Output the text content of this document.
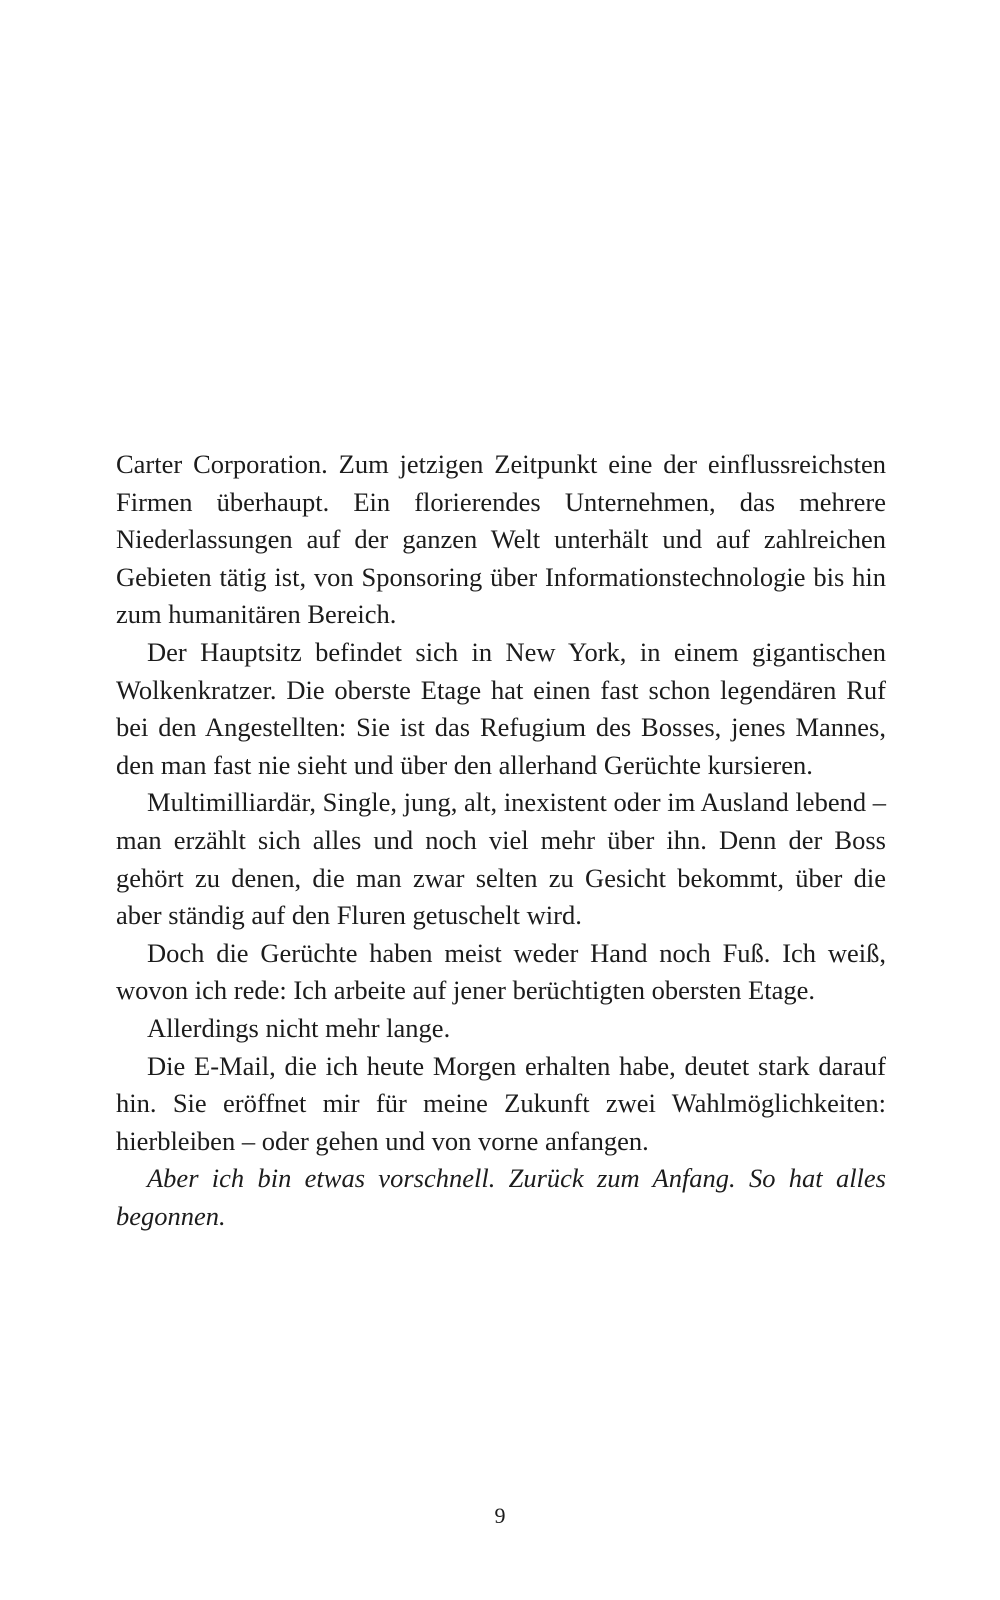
Carter Corporation. Zum jetzigen Zeitpunkt eine der einflussreichsten Firmen überhaupt. Ein florierendes Unternehmen, das mehrere Niederlassungen auf der ganzen Welt unterhält und auf zahlreichen Gebieten tätig ist, von Sponsoring über Informationstechnologie bis hin zum humanitären Bereich.

Der Hauptsitz befindet sich in New York, in einem gigantischen Wolkenkratzer. Die oberste Etage hat einen fast schon legendären Ruf bei den Angestellten: Sie ist das Refugium des Bosses, jenes Mannes, den man fast nie sieht und über den allerhand Gerüchte kursieren.

Multimilliardär, Single, jung, alt, inexistent oder im Ausland lebend – man erzählt sich alles und noch viel mehr über ihn. Denn der Boss gehört zu denen, die man zwar selten zu Gesicht bekommt, über die aber ständig auf den Fluren getuschelt wird.

Doch die Gerüchte haben meist weder Hand noch Fuß. Ich weiß, wovon ich rede: Ich arbeite auf jener berüchtigten obersten Etage.

Allerdings nicht mehr lange.

Die E-Mail, die ich heute Morgen erhalten habe, deutet stark darauf hin. Sie eröffnet mir für meine Zukunft zwei Wahlmöglichkeiten: hierbleiben – oder gehen und von vorne anfangen.

Aber ich bin etwas vorschnell. Zurück zum Anfang. So hat alles begonnen.

9
